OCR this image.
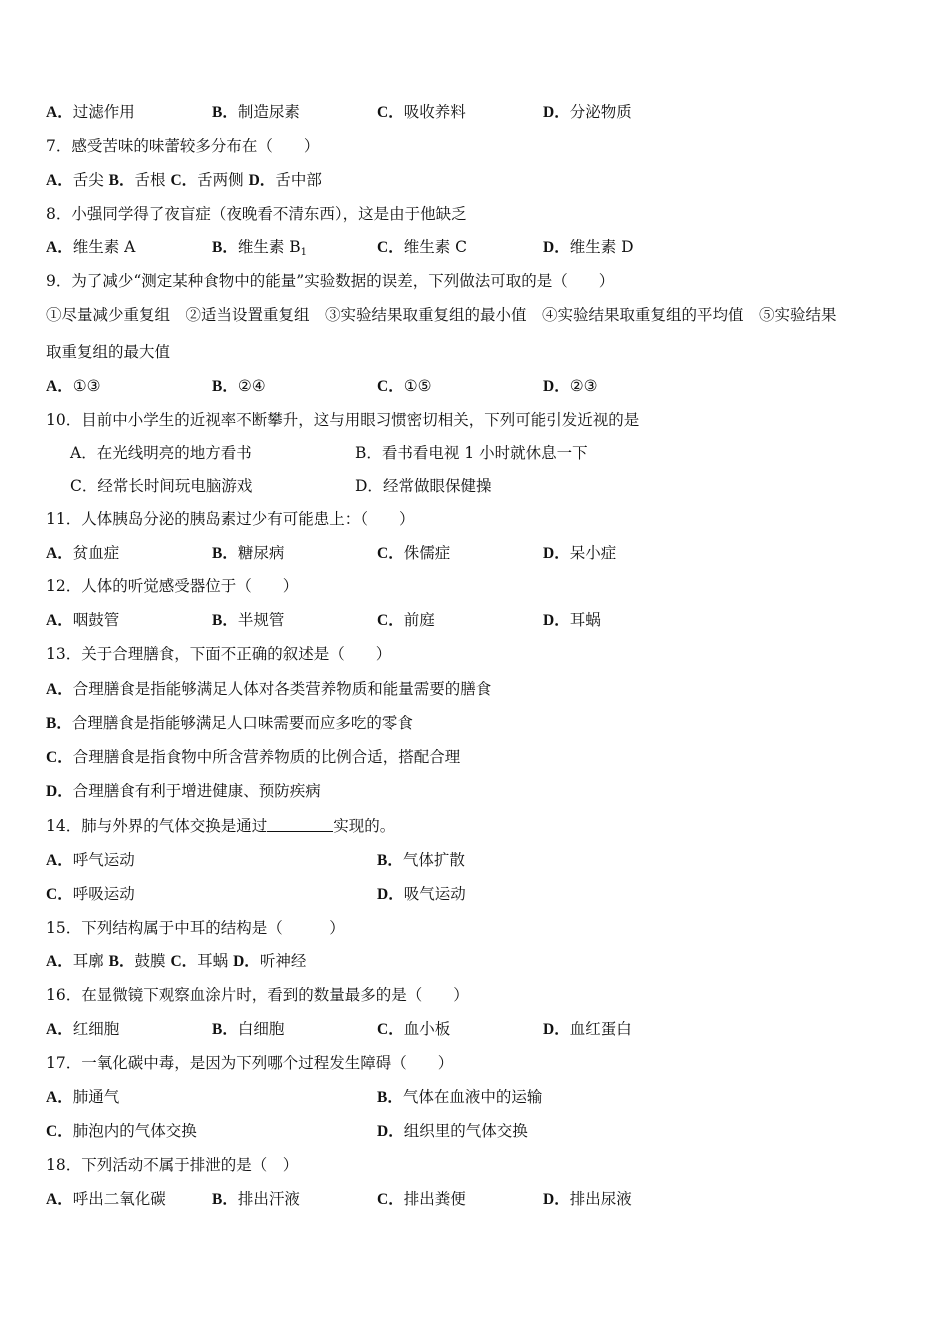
A．过滤作用	B．制造尿素	C．吸收养料	D．分泌物质
7．感受苦味的味蕾较多分布在（　　）
A．舌尖 B．舌根 C．舌两侧 D．舌中部
8．小强同学得了夜盲症（夜晚看不清东西），这是由于他缺乏
A．维生素 A	B．维生素 $B_1$	C．维生素 C	D．维生素 D
9．为了减少“测定某种食物中的能量”实验数据的误差，下列做法可取的是（　　）
①尽量减少重复组　②适当设置重复组　③实验结果取重复组的最小值　④实验结果取重复组的平均值　⑤实验结果
取重复组的最大值
A．①③	B．②④	C．①⑤	D．②③
10．目前中小学生的近视率不断攀升，这与用眼习惯密切相关，下列可能引发近视的是
A．在光线明亮的地方看书	B．看书看电视 1 小时就休息一下
C．经常长时间玩电脑游戏	D．经常做眼保健操
11．人体胰岛分泌的胰岛素过少有可能患上：（　　）
A．贫血症	B．糖尿病	C．侏儒症	D．呆小症
12．人体的听觉感受器位于（　　）
A．咽鼓管	B．半规管	C．前庭	D．耳蜗
13．关于合理膳食，下面不正确的叙述是（　　）
A．合理膳食是指能够满足人体对各类营养物质和能量需要的膳食
B．合理膳食是指能够满足人口味需要而应多吃的零食
C．合理膳食是指食物中所含营养物质的比例合适，搭配合理
D．合理膳食有利于增进健康、预防疾病
14．肺与外界的气体交换是通过	实现的。
A．呼气运动	B．气体扩散
C．呼吸运动	D．吸气运动
15．下列结构属于中耳的结构是（　　　）
A．耳廓 B．鼓膜 C．耳蜗 D．听神经
16．在显微镜下观察血涂片时，看到的数量最多的是（　　）
A．红细胞	B．白细胞	C．血小板	D．血红蛋白
17．一氧化碳中毒，是因为下列哪个过程发生障碍（　　）
A．肺通气	B．气体在血液中的运输
C．肺泡内的气体交换	D．组织里的气体交换
18．下列活动不属于排泄的是（　）
A．呼出二氧化碳	B．排出汗液	C．排出粪便	D．排出尿液
